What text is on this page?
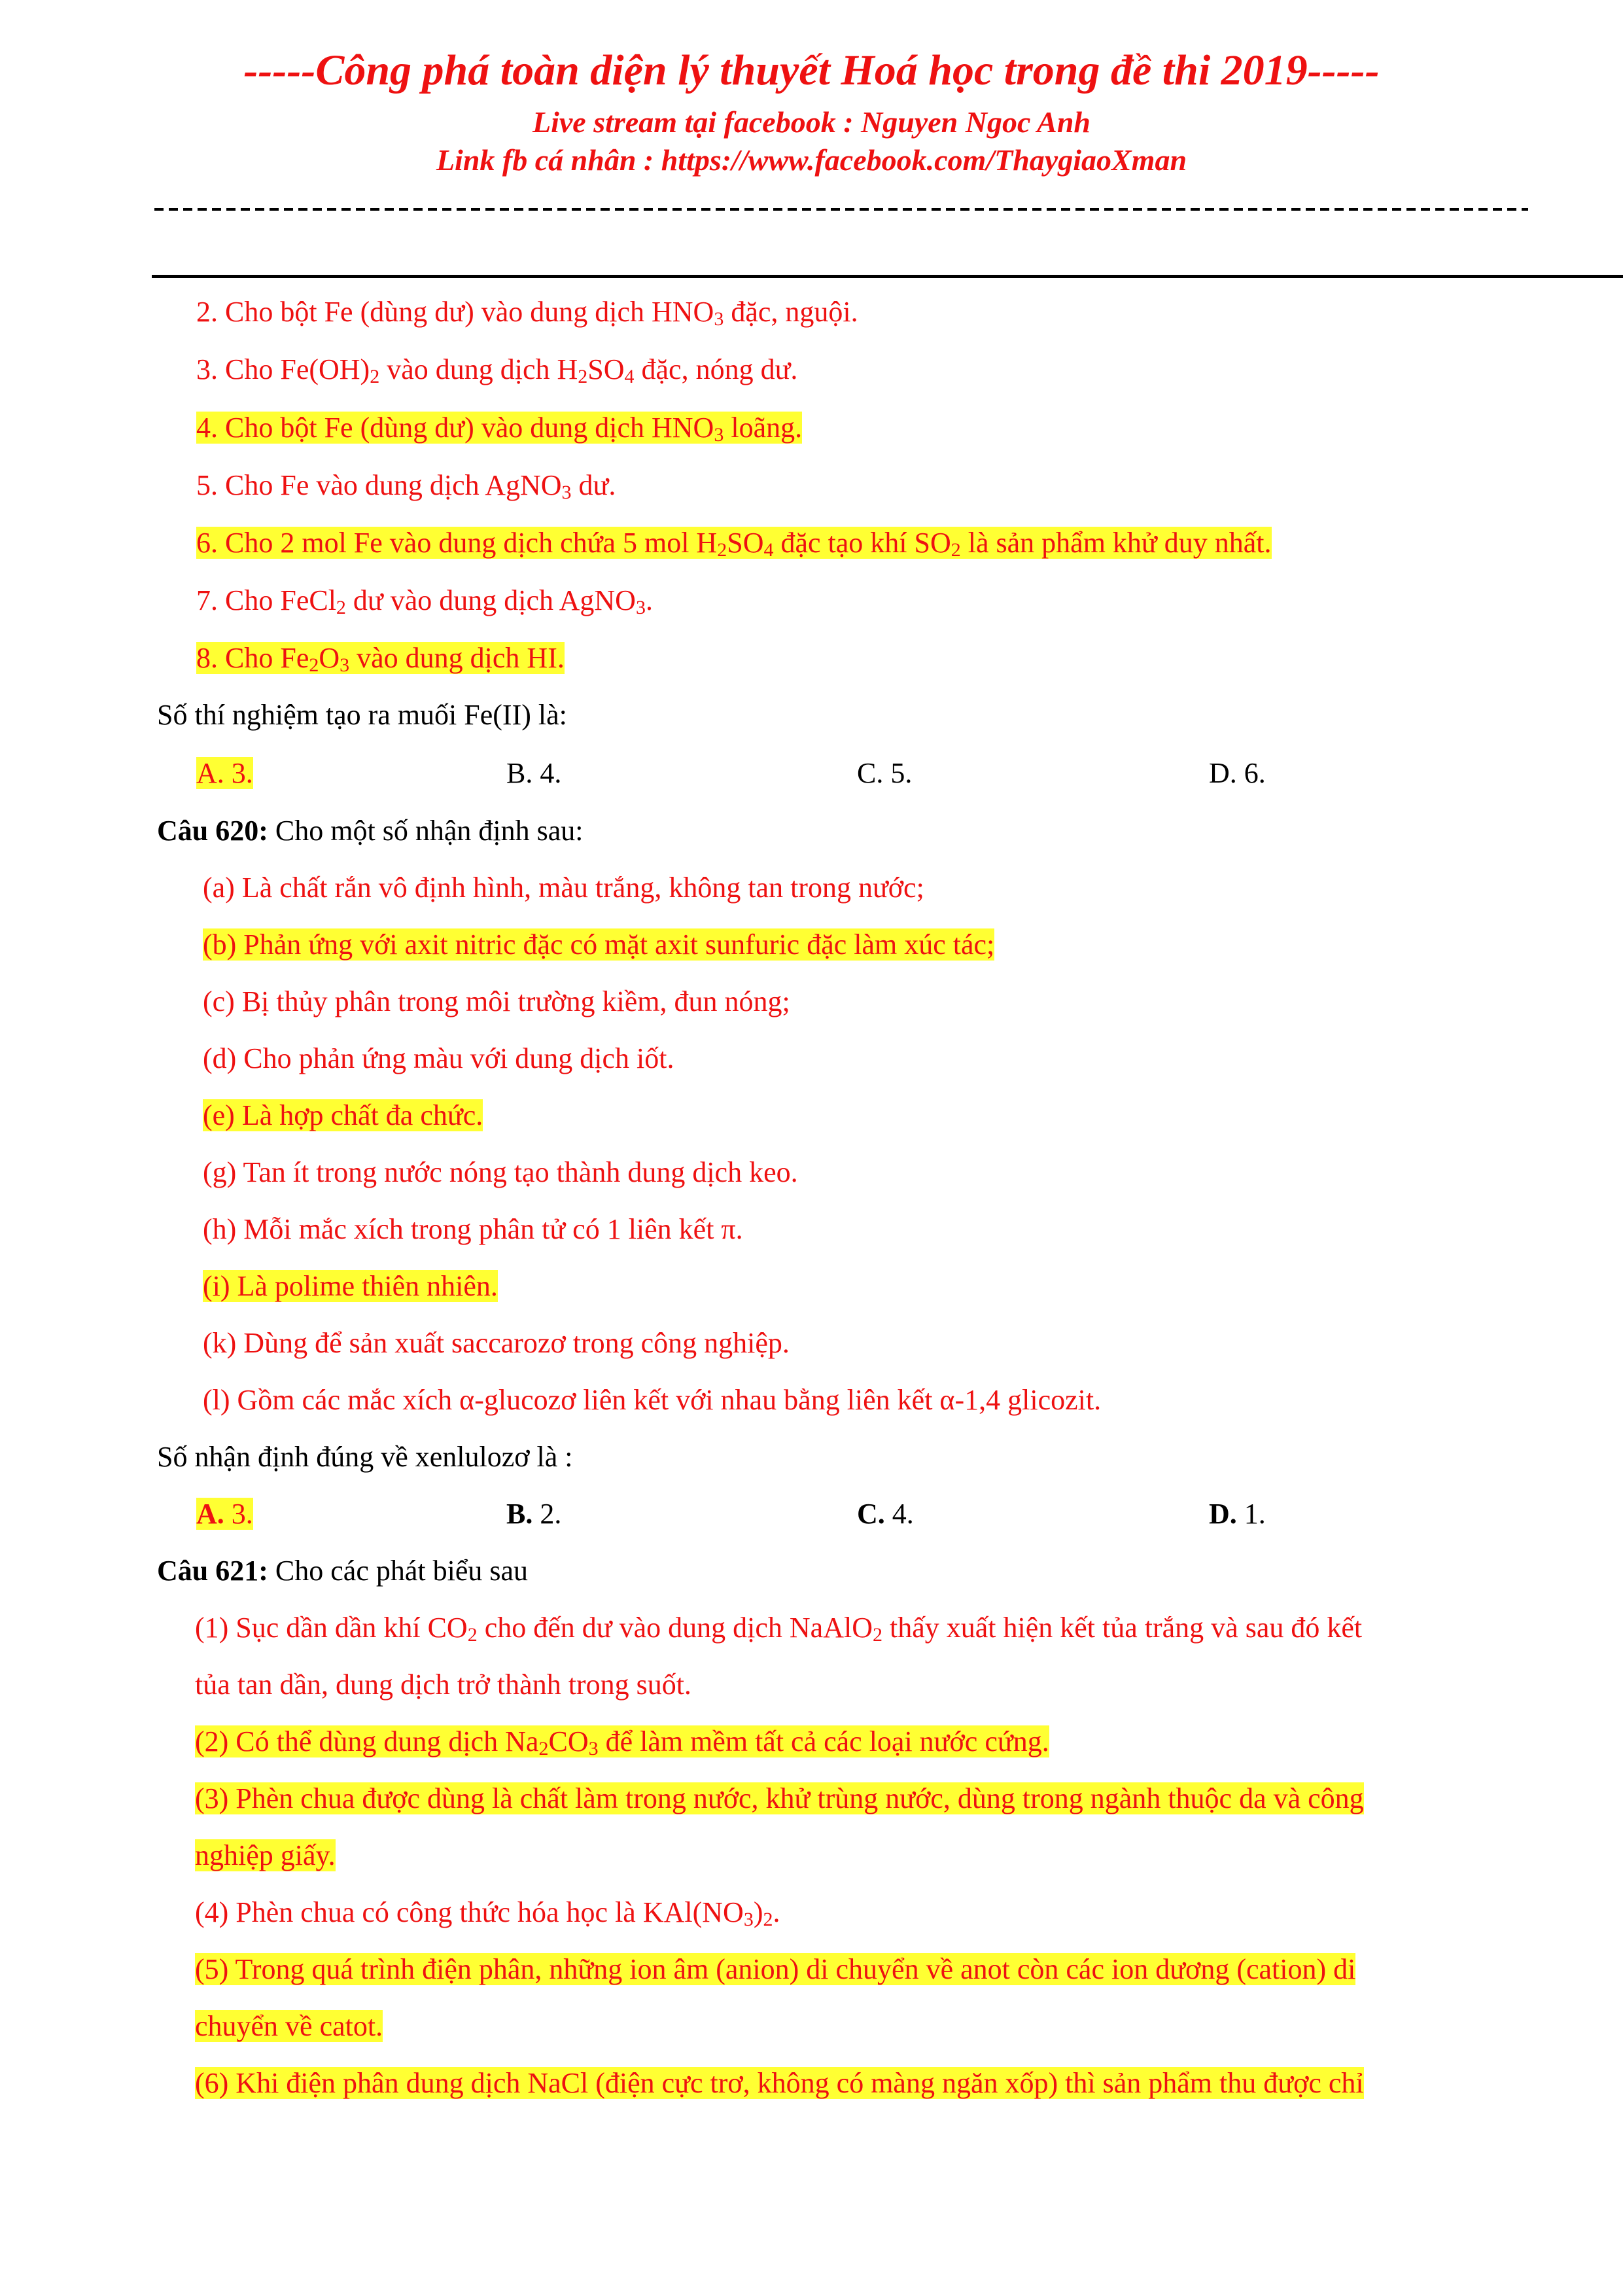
-----Công phá toàn diện lý thuyết Hoá học trong đề thi 2019-----
Live stream tại facebook : Nguyen Ngoc Anh
Link fb cá nhân : https://www.facebook.com/ThaygiaoXman
2. Cho bột Fe (dùng dư) vào dung dịch $HNO_3$ đặc, nguội.
3. Cho $Fe(OH)_2$ vào dung dịch $H_2SO_4$ đặc, nóng dư.
4. Cho bột Fe (dùng dư) vào dung dịch $HNO_3$ loãng.
5. Cho Fe vào dung dịch AgNO$_3$ dư.
6. Cho 2 mol Fe vào dung dịch chứa 5 mol $H_2SO_4$ đặc tạo khí $SO_2$ là sản phẩm khử duy nhất.
7. Cho FeCl$_2$ dư vào dung dịch AgNO$_3$.
8. Cho $Fe_2O_3$ vào dung dịch HI.
Số thí nghiệm tạo ra muối Fe(II) là:
A. 3.	B. 4.	C. 5.	D. 6.
Câu 620: Cho một số nhận định sau:
(a) Là chất rắn vô định hình, màu trắng, không tan trong nước;
(b) Phản ứng với axit nitric đặc có mặt axit sunfuric đặc làm xúc tác;
(c) Bị thủy phân trong môi trường kiềm, đun nóng;
(d) Cho phản ứng màu với dung dịch iốt.
(e) Là hợp chất đa chức.
(g) Tan ít trong nước nóng tạo thành dung dịch keo.
(h) Mỗi mắc xích trong phân tử có 1 liên kết π.
(i) Là polime thiên nhiên.
(k) Dùng để sản xuất saccarozơ trong công nghiệp.
(l) Gồm các mắc xích α-glucozơ liên kết với nhau bằng liên kết α-1,4 glicozit.
Số nhận định đúng về xenlulozơ là :
A. 3.	B. 2.	C. 4.	D. 1.
Câu 621: Cho các phát biểu sau
(1) Sục dần dần khí $CO_2$ cho đến dư vào dung dịch NaAlO$_2$ thấy xuất hiện kết tủa trắng và sau đó kết
tủa tan dần, dung dịch trở thành trong suốt.
(2) Có thể dùng dung dịch $Na_2CO_3$ để làm mềm tất cả các loại nước cứng.
(3) Phèn chua được dùng là chất làm trong nước, khử trùng nước, dùng trong ngành thuộc da và công
nghiệp giấy.
(4) Phèn chua có công thức hóa học là $KAl(NO_3)_2$.
(5) Trong quá trình điện phân, những ion âm (anion) di chuyển về anot còn các ion dương (cation) di
chuyển về catot.
(6) Khi điện phân dung dịch NaCl (điện cực trơ, không có màng ngăn xốp) thì sản phẩm thu được chỉ
